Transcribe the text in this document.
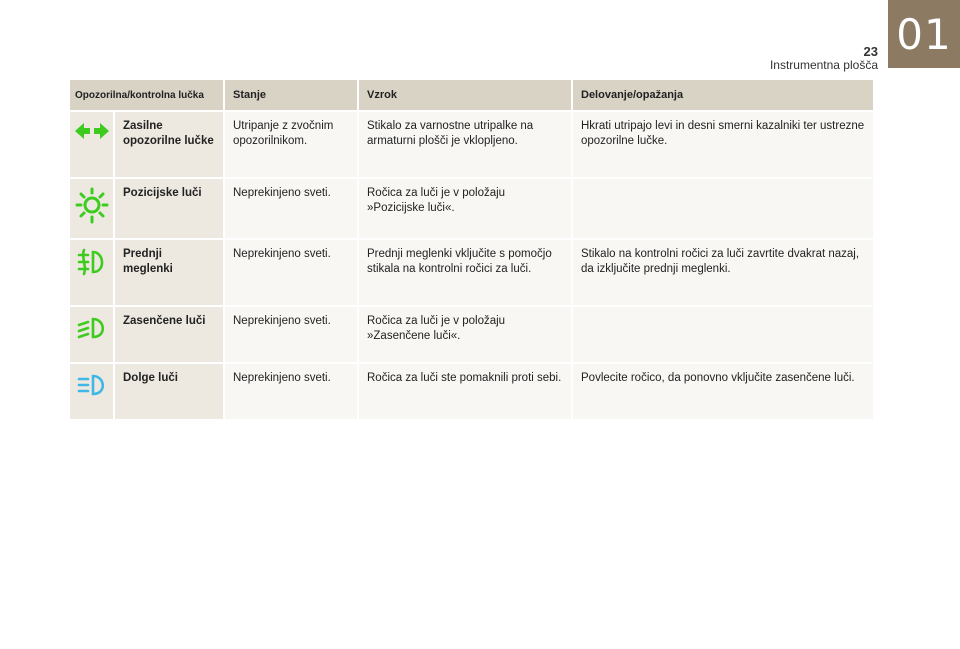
23
Instrumentna plošča
01
Opozorilna/kontrolna lučka		Stanje	Vzrok	Delovanje/opažanja
	Zasilne opozorilne lučke	Utripanje z zvočnim opozorilnikom.	Stikalo za varnostne utripalke na armaturni plošči je vklopljeno.	Hkrati utripajo levi in desni smerni kazalniki ter ustrezne opozorilne lučke.
	Pozicijske luči	Neprekinjeno sveti.	Ročica za luči je v položaju »Pozicijske luči«.	
	Prednji meglenki	Neprekinjeno sveti.	Prednji meglenki vključite s pomočjo stikala na kontrolni ročici za luči.	Stikalo na kontrolni ročici za luči zavrtite dvakrat nazaj, da izključite prednji meglenki.
	Zasenčene luči	Neprekinjeno sveti.	Ročica za luči je v položaju »Zasenčene luči«.	
	Dolge luči	Neprekinjeno sveti.	Ročica za luči ste pomaknili proti sebi.	Povlecite ročico, da ponovno vključite zasenčene luči.
